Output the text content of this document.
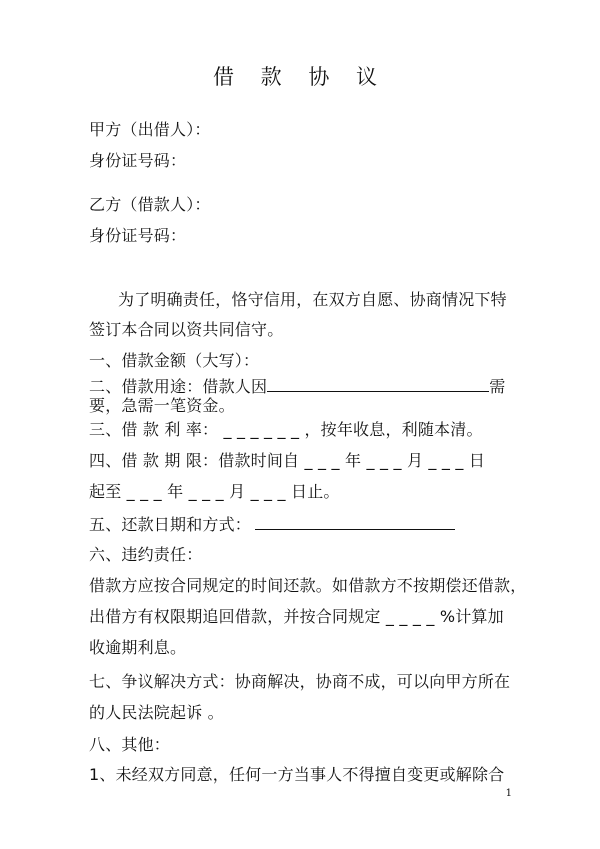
借 款 协 议
甲方（出借人）：
身份证号码：
乙方（借款人）：
身份证号码：
为了明确责任，恪守信用，在双方自愿、协商情况下特
签订本合同以资共同信守。
一、借款金额（大写）：
二、借款用途：借款人因	需
要，急需一笔资金。
三、借 款 利 率： _ _ _ _ _ _ ，按年收息，利随本清。
四、借 款 期 限：借款时间自 _ _ _ 年 _ _ _ 月 _ _ _ 日
起至 _ _ _ 年 _ _ _ 月 _ _ _ 日止。
五、还款日期和方式：
六、违约责任：
借款方应按合同规定的时间还款。如借款方不按期偿还借款，
出借方有权限期追回借款，并按合同规定 _ _ _ _ %计算加
收逾期利息。
七、争议解决方式：协商解决，协商不成，可以向甲方所在
的人民法院起诉 。
八、其他：
1、未经双方同意，任何一方当事人不得擅自变更或解除合
1
